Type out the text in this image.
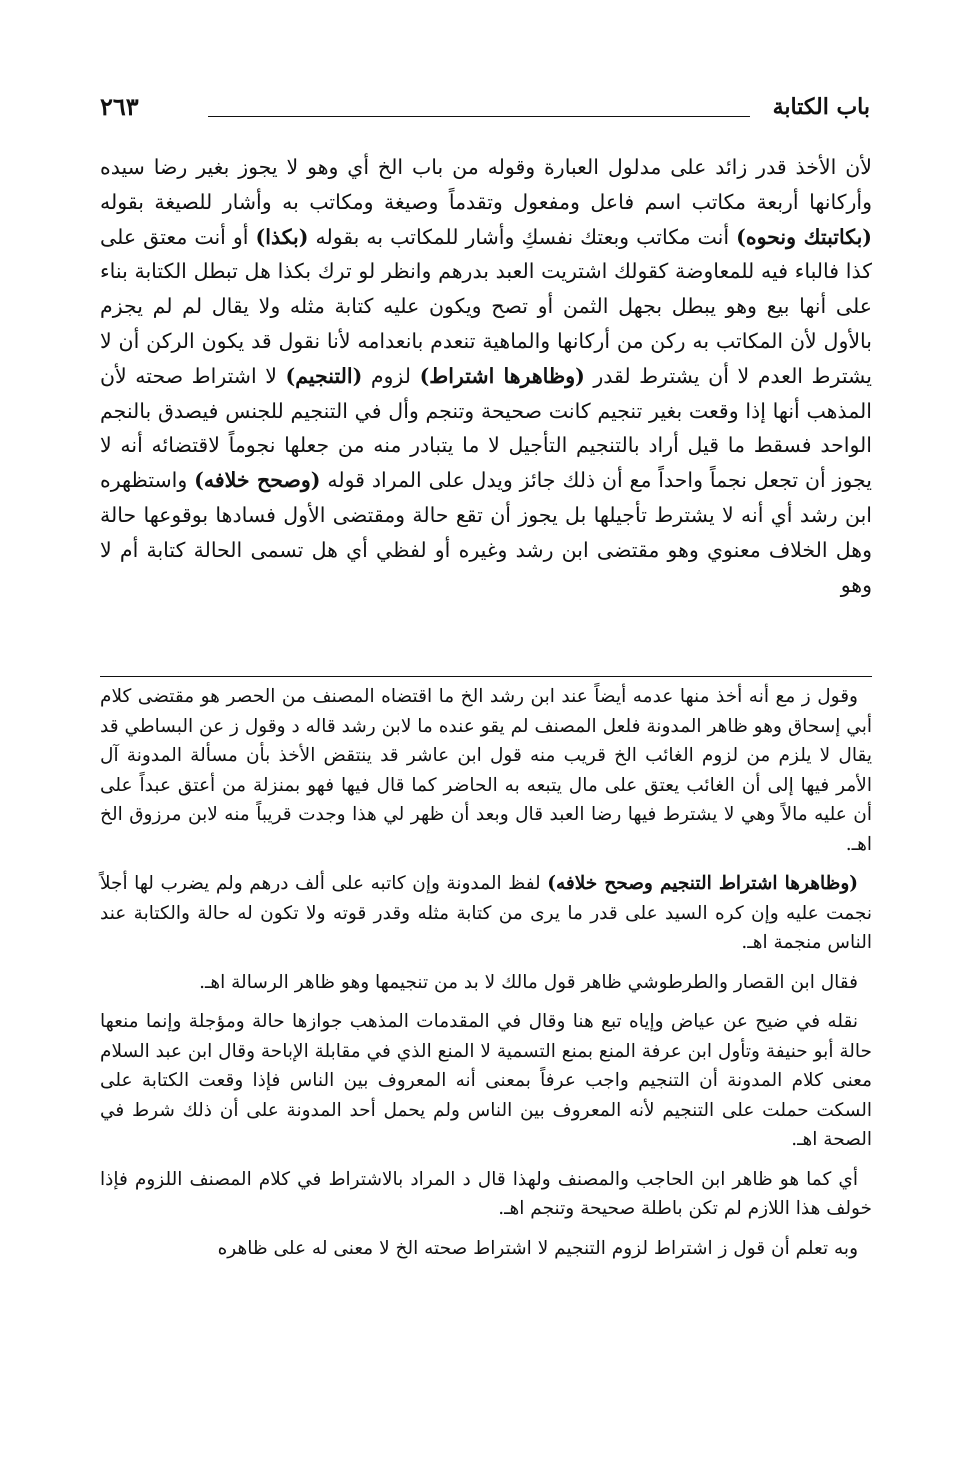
باب الكتابة
٢٦٣

لأن الأخذ قدر زائد على مدلول العبارة وقوله من باب الخ أي وهو لا يجوز بغير رضا سيده وأركانها أربعة مكاتب اسم فاعل ومفعول وتقدماً وصيغة ومكاتب به وأشار للصيغة بقوله (بكاتبتك ونحوه) أنت مكاتب وبعتك نفسكِ وأشار للمكاتب به بقوله (بكذا) أو أنت معتق على كذا فالباء فيه للمعاوضة كقولك اشتريت العبد بدرهم وانظر لو ترك بكذا هل تبطل الكتابة بناء على أنها بيع وهو يبطل بجهل الثمن أو تصح ويكون عليه كتابة مثله ولا يقال لم لم يجزم بالأول لأن المكاتب به ركن من أركانها والماهية تنعدم بانعدامه لأنا نقول قد يكون الركن أن لا يشترط العدم لا أن يشترط لقدر (وظاهرها اشتراط) لزوم (التنجيم) لا اشتراط صحته لأن المذهب أنها إذا وقعت بغير تنجيم كانت صحيحة وتنجم وأل في التنجيم للجنس فيصدق بالنجم الواحد فسقط ما قيل أراد بالتنجيم التأجيل لا ما يتبادر منه من جعلها نجوماً لاقتضائه أنه لا يجوز أن تجعل نجماً واحداً مع أن ذلك جائز ويدل على المراد قوله (وصحح خلافه) واستظهره ابن رشد أي أنه لا يشترط تأجيلها بل يجوز أن تقع حالة ومقتضى الأول فسادها بوقوعها حالة وهل الخلاف معنوي وهو مقتضى ابن رشد وغيره أو لفظي أي هل تسمى الحالة كتابة أم لا وهو

وقول ز مع أنه أخذ منها عدمه أيضاً عند ابن رشد الخ ما اقتضاه المصنف من الحصر هو مقتضى كلام أبي إسحاق وهو ظاهر المدونة فلعل المصنف لم يقو عنده ما لابن رشد قاله د وقول ز عن البساطي قد يقال لا يلزم من لزوم الغائب الخ قريب منه قول ابن عاشر قد ينتقض الأخذ بأن مسألة المدونة آل الأمر فيها إلى أن الغائب يعتق على مال يتبعه به الحاضر كما قال فيها فهو بمنزلة من أعتق عبداً على أن عليه مالاً وهي لا يشترط فيها رضا العبد قال وبعد أن ظهر لي هذا وجدت قريباً منه لابن مرزوق الخ اهـ.

(وظاهرها اشتراط التنجيم وصحح خلافه) لفظ المدونة وإن كاتبه على ألف درهم ولم يضرب لها أجلاً نجمت عليه وإن كره السيد على قدر ما يرى من كتابة مثله وقدر قوته ولا تكون له حالة والكتابة عند الناس منجمة اهـ.

فقال ابن القصار والطرطوشي ظاهر قول مالك لا بد من تنجيمها وهو ظاهر الرسالة اهـ.

نقله في ضيح عن عياض وإياه تبع هنا وقال في المقدمات المذهب جوازها حالة ومؤجلة وإنما منعها حالة أبو حنيفة وتأول ابن عرفة المنع بمنع التسمية لا المنع الذي في مقابلة الإباحة وقال ابن عبد السلام معنى كلام المدونة أن التنجيم واجب عرفاً بمعنى أنه المعروف بين الناس فإذا وقعت الكتابة على السكت حملت على التنجيم لأنه المعروف بين الناس ولم يحمل أحد المدونة على أن ذلك شرط في الصحة اهـ.

أي كما هو ظاهر ابن الحاجب والمصنف ولهذا قال د المراد بالاشتراط في كلام المصنف اللزوم فإذا خولف هذا اللازم لم تكن باطلة صحيحة وتنجم اهـ.

وبه تعلم أن قول ز اشتراط لزوم التنجيم لا اشتراط صحته الخ لا معنى له على ظاهره
